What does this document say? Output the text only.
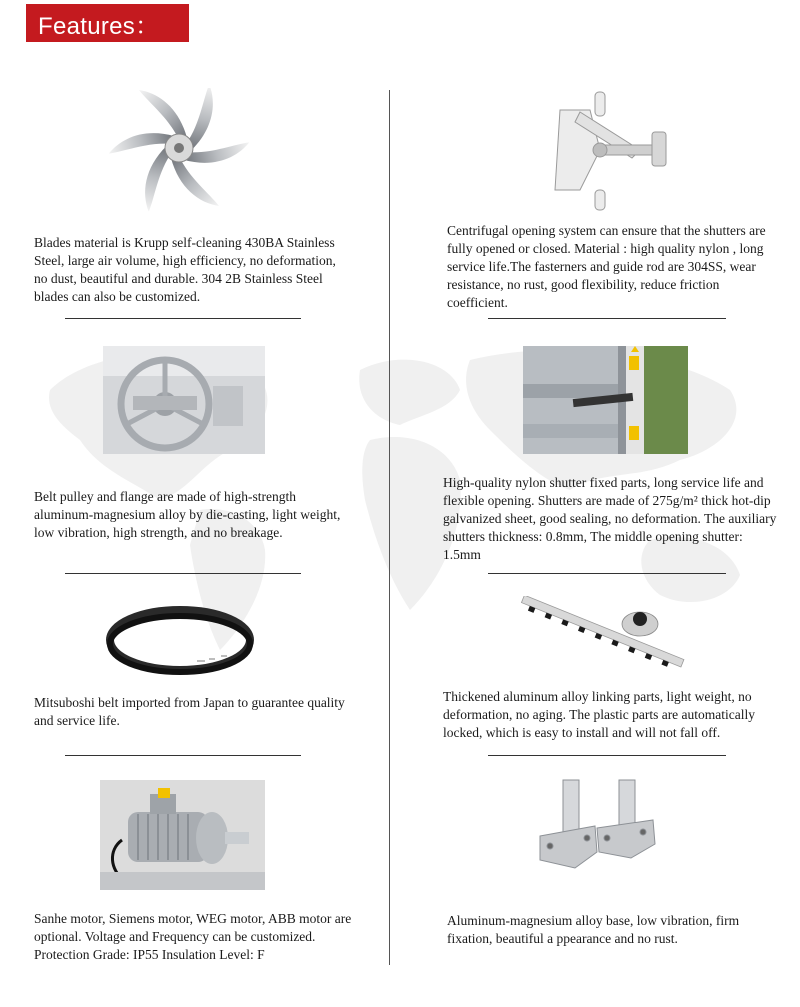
Features：

Blades material is Krupp self-cleaning 430BA Stainless Steel, large air volume, high efficiency, no deformation, no dust, beautiful and durable. 304 2B Stainless Steel blades can also be customized.

Centrifugal opening system can ensure that the shutters are fully opened or closed. Material : high quality nylon , long service life.The fasterners and guide rod are 304SS, wear resistance, no rust, good flexibility, reduce friction coefficient.

Belt pulley and flange are made of high-strength aluminum-magnesium alloy by die-casting, light weight, low vibration, high strength, and no breakage.

High-quality nylon shutter fixed parts, long service life and flexible opening. Shutters are made of 275g/m² thick hot-dip galvanized sheet, good sealing, no deformation. The auxiliary shutters thickness: 0.8mm, The middle opening shutter: 1.5mm

Mitsuboshi belt imported from Japan to guarantee quality and service life.

Thickened aluminum alloy linking parts, light weight, no deformation, no aging. The plastic parts are automatically locked, which is easy to install and will not fall off.

Sanhe motor, Siemens motor, WEG motor, ABB motor are optional. Voltage and Frequency can be customized. Protection Grade: IP55 Insulation Level: F

Aluminum-magnesium alloy base, low vibration, firm fixation, beautiful a ppearance and no rust.
